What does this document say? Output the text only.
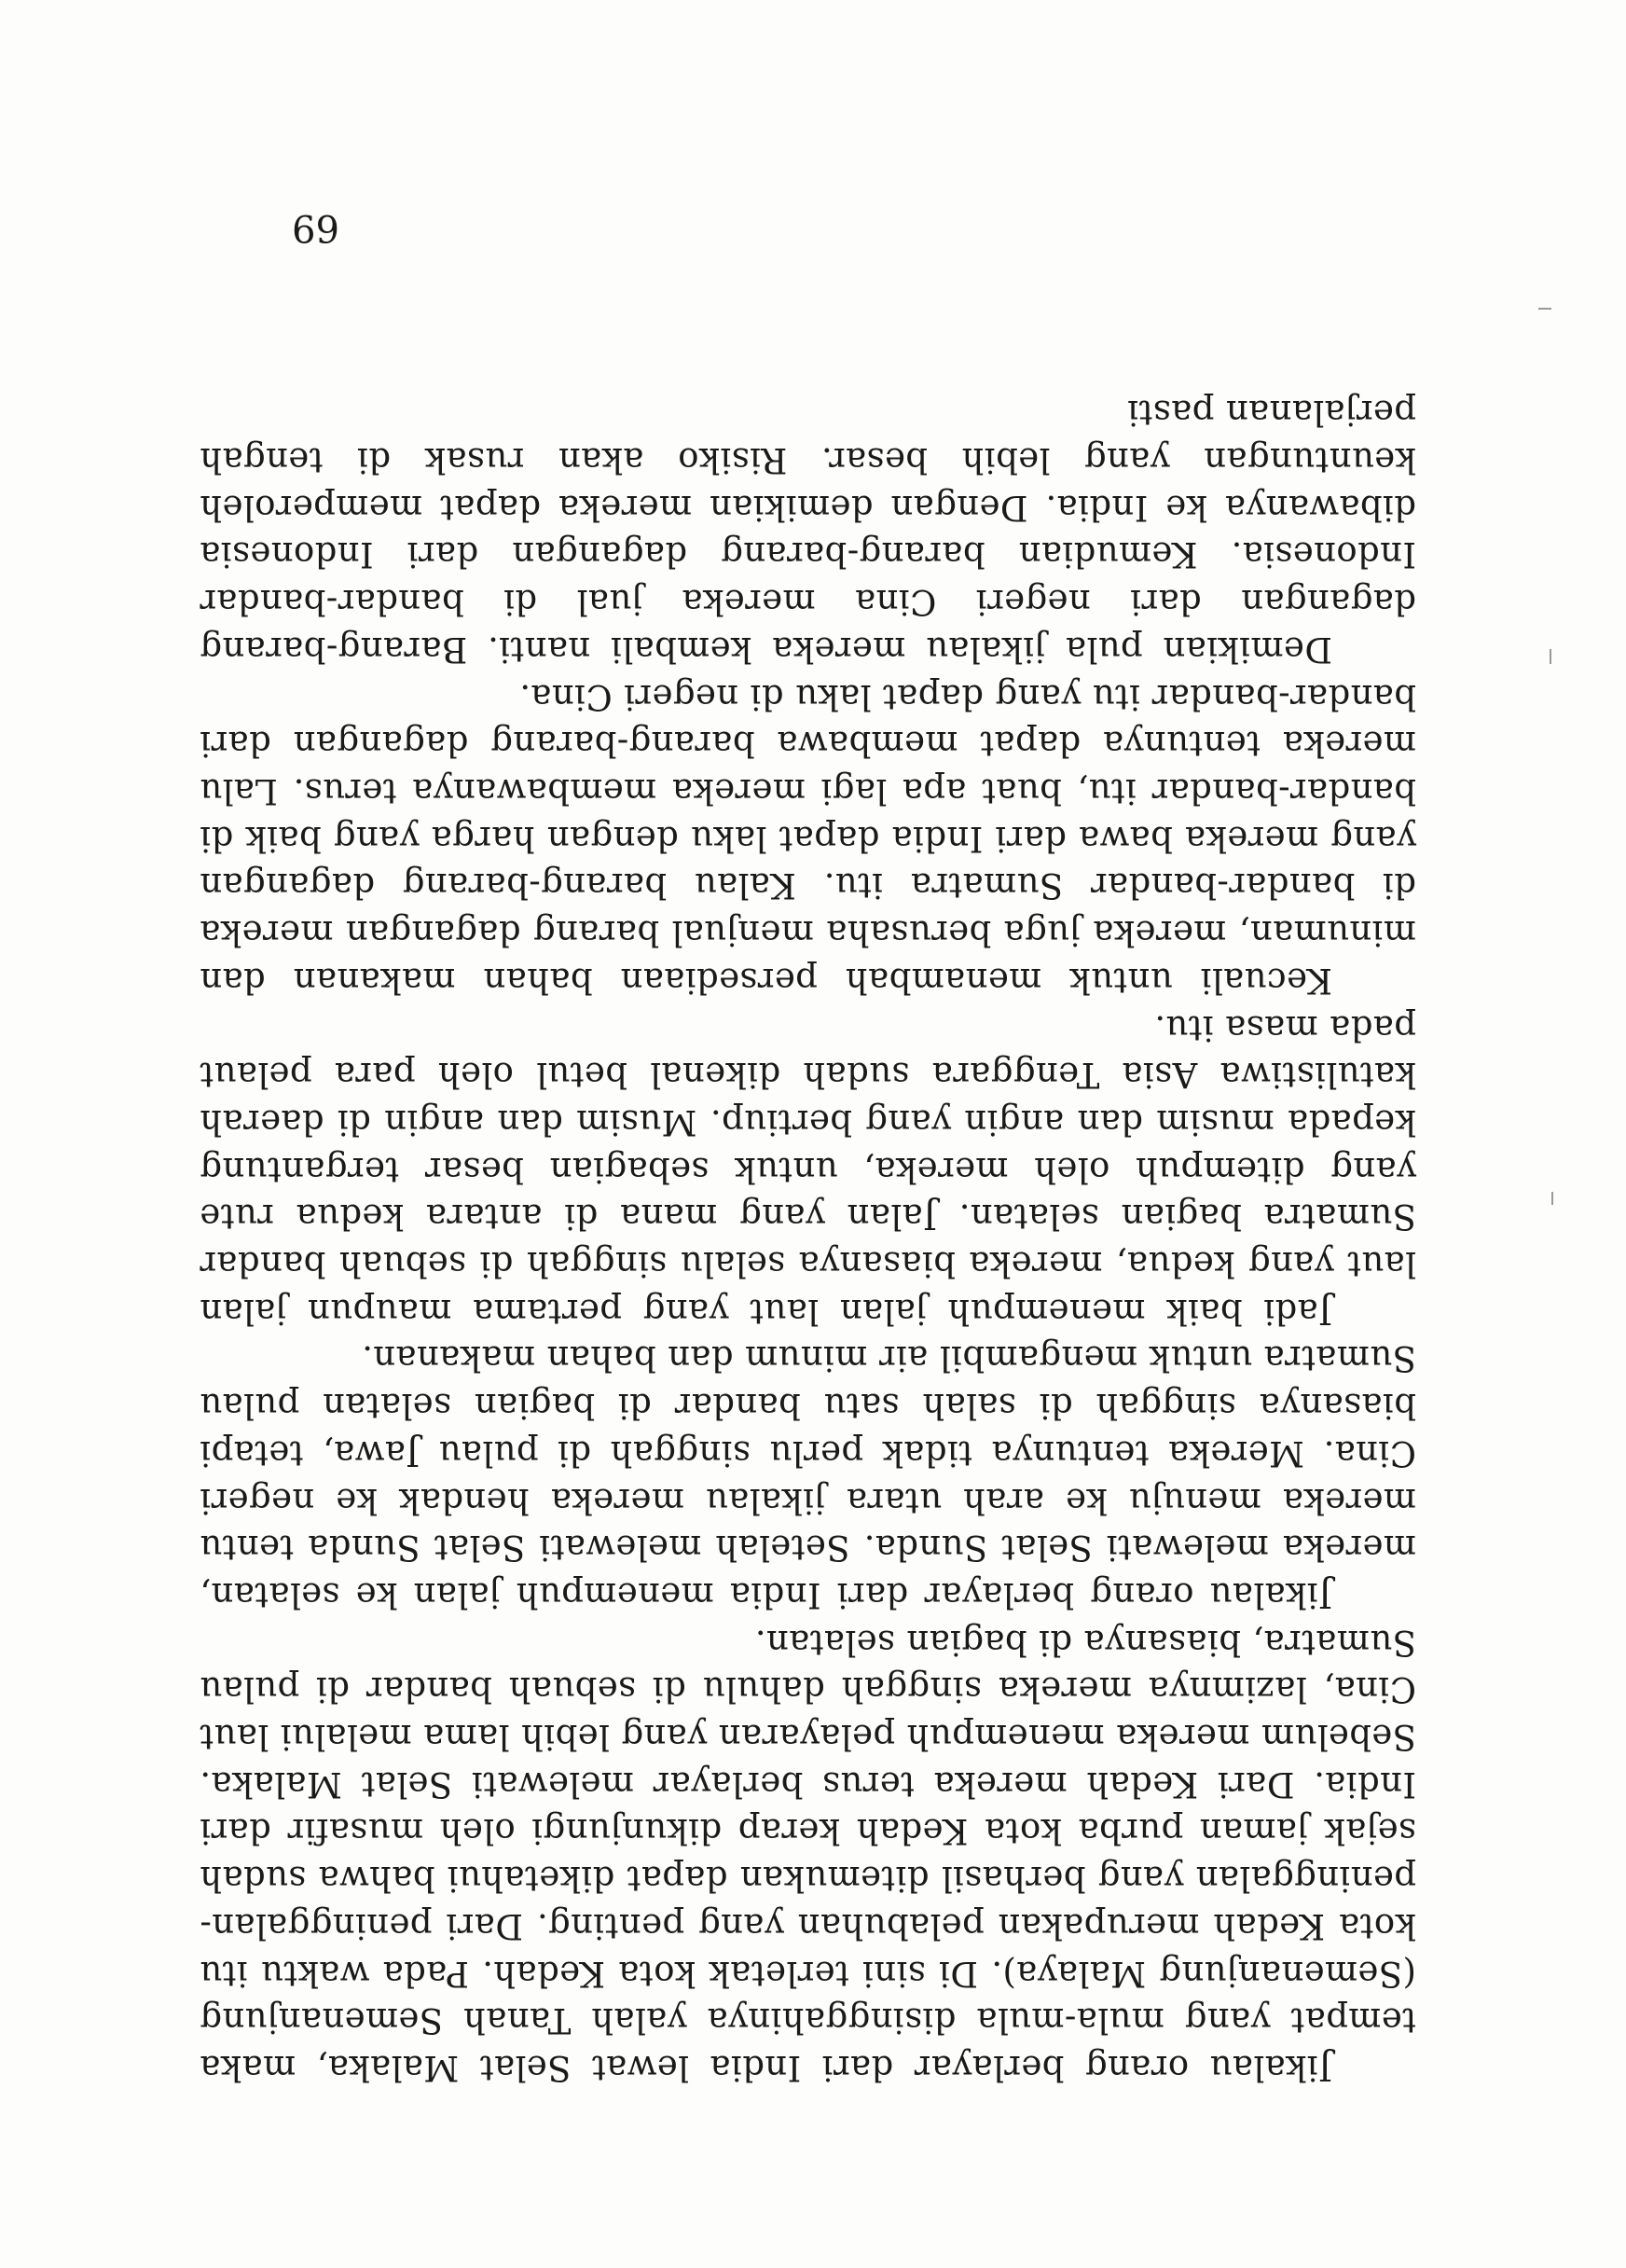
Jikalau orang berlayar dari India lewat Selat Malaka, maka tempat yang mula-mula disinggahinya yalah Tanah Semenanjung (Semenanjung Malaya). Di sini terletak kota Kedah. Pada waktu itu kota Kedah merupakan pelabuhan yang penting. Dari peninggalan-peninggalan yang berhasil ditemukan dapat diketahui bahwa sudah sejak jaman purba kota Kedah kerap dikunjungi oleh musafir dari India. Dari Kedah mereka terus berlayar melewati Selat Malaka. Sebelum mereka menempuh pelayaran yang lebih lama melalui laut Cina, lazimnya mereka singgah dahulu di sebuah bandar di pulau Sumatra, biasanya di bagian selatan.

Jikalau orang berlayar dari India menempuh jalan ke selatan, mereka melewati Selat Sunda. Setelah melewati Selat Sunda tentu mereka menuju ke arah utara jikalau mereka hendak ke negeri Cina. Mereka tentunya tidak perlu singgah di pulau Jawa, tetapi biasanya singgah di salah satu bandar di bagian selatan pulau Sumatra untuk mengambil air minum dan bahan makanan.

Jadi baik menempuh jalan laut yang pertama maupun jalan laut yang kedua, mereka biasanya selalu singgah di sebuah bandar Sumatra bagian selatan. Jalan yang mana di antara kedua rute yang ditempuh oleh mereka, untuk sebagian besar tergantung kepada musim dan angin yang bertiup. Musim dan angin di daerah katulistiwa Asia Tenggara sudah dikenal betul oleh para pelaut pada masa itu.

Kecuali untuk menambah persediaan bahan makanan dan minuman, mereka juga berusaha menjual barang dagangan mereka di bandar-bandar Sumatra itu. Kalau barang-barang dagangan yang mereka bawa dari India dapat laku dengan harga yang baik di bandar-bandar itu, buat apa lagi mereka membawanya terus. Lalu mereka tentunya dapat membawa barang-barang dagangan dari bandar-bandar itu yang dapat laku di negeri Cina.

Demikian pula jikalau mereka kembali nanti. Barang-barang dagangan dari negeri Cina mereka jual di bandar-bandar Indonesia. Kemudian barang-barang dagangan dari Indonesia dibawanya ke India. Dengan demikian mereka dapat memperoleh keuntungan yang lebih besar. Risiko akan rusak di tengah perjalanan pasti

69
